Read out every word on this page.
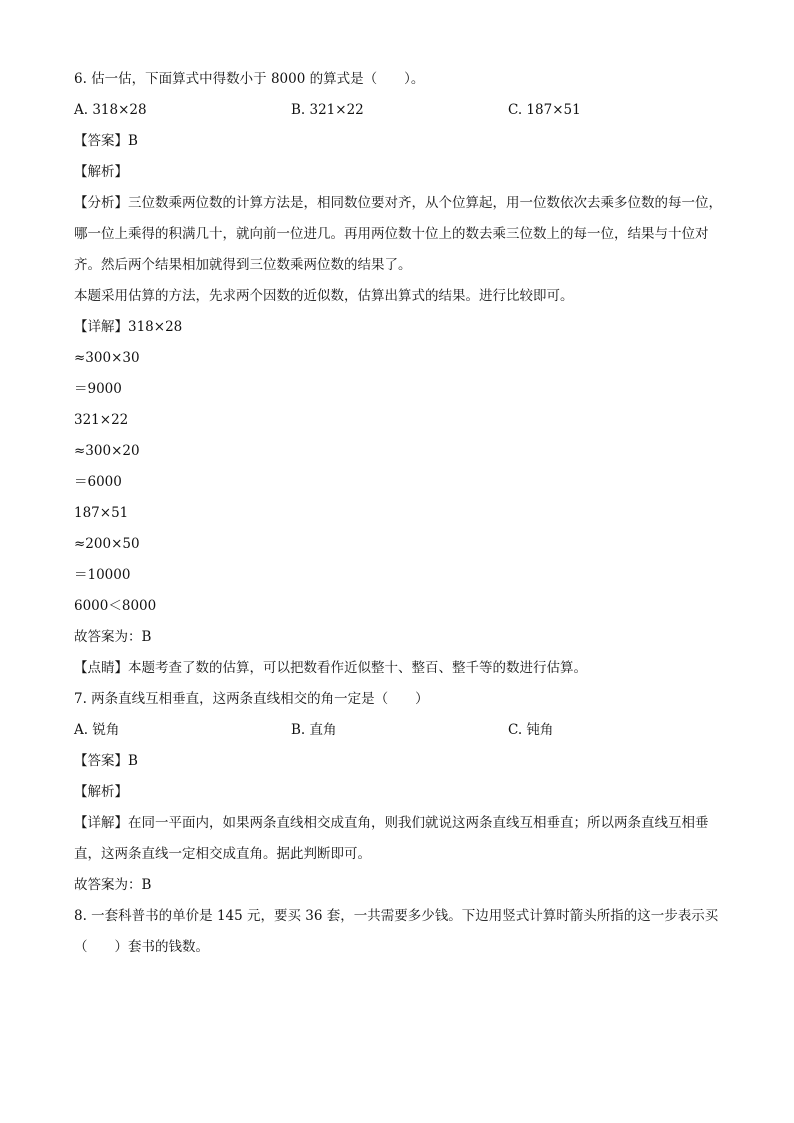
6. 估一估，下面算式中得数小于 8000 的算式是（　　）。
A. 318×28	B. 321×22	C. 187×51
【答案】B
【解析】
【分析】三位数乘两位数的计算方法是，相同数位要对齐，从个位算起，用一位数依次去乘多位数的每一位，哪一位上乘得的积满几十，就向前一位进几。再用两位数十位上的数去乘三位数上的每一位，结果与十位对齐。然后两个结果相加就得到三位数乘两位数的结果了。
本题采用估算的方法，先求两个因数的近似数，估算出算式的结果。进行比较即可。
【详解】318×28
≈300×30
＝9000
321×22
≈300×20
＝6000
187×51
≈200×50
＝10000
6000＜8000
故答案为：B
【点睛】本题考查了数的估算，可以把数看作近似整十、整百、整千等的数进行估算。
7. 两条直线互相垂直，这两条直线相交的角一定是（　　）
A. 锐角	B. 直角	C. 钝角
【答案】B
【解析】
【详解】在同一平面内，如果两条直线相交成直角，则我们就说这两条直线互相垂直；所以两条直线互相垂直，这两条直线一定相交成直角。据此判断即可。
故答案为：B
8. 一套科普书的单价是 145 元，要买 36 套，一共需要多少钱。下边用竖式计算时箭头所指的这一步表示买（　　）套书的钱数。
